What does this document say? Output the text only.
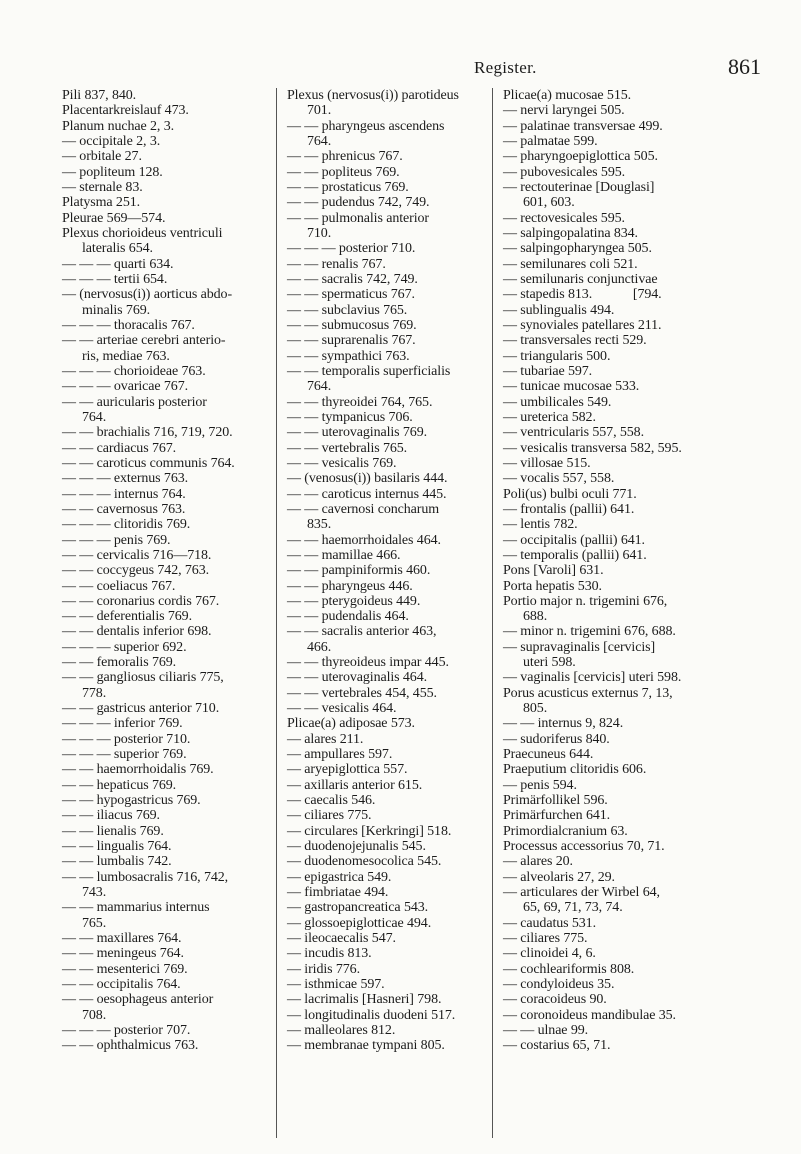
Register.	861
Pili 837, 840.
Placentarkreislauf 473.
Planum nuchae 2, 3.
— occipitale 2, 3.
— orbitale 27.
— popliteum 128.
— sternale 83.
Platysma 251.
Pleurae 569—574.
Plexus chorioideus ventriculi
lateralis 654.
— — — quarti 634.
— — — tertii 654.
— (nervosus(i)) aorticus abdo-
minalis 769.
— — — thoracalis 767.
— — arteriae cerebri anterio-
ris, mediae 763.
— — — chorioideae 763.
— — — ovaricae 767.
— — auricularis posterior
764.
— — brachialis 716, 719, 720.
— — cardiacus 767.
— — caroticus communis 764.
— — — externus 763.
— — — internus 764.
— — cavernosus 763.
— — — clitoridis 769.
— — — penis 769.
— — cervicalis 716—718.
— — coccygeus 742, 763.
— — coeliacus 767.
— — coronarius cordis 767.
— — deferentialis 769.
— — dentalis inferior 698.
— — — superior 692.
— — femoralis 769.
— — gangliosus ciliaris 775,
778.
— — gastricus anterior 710.
— — — inferior 769.
— — — posterior 710.
— — — superior 769.
— — haemorrhoidalis 769.
— — hepaticus 769.
— — hypogastricus 769.
— — iliacus 769.
— — lienalis 769.
— — lingualis 764.
— — lumbalis 742.
— — lumbosacralis 716, 742,
743.
— — mammarius internus
765.
— — maxillares 764.
— — meningeus 764.
— — mesenterici 769.
— — occipitalis 764.
— — oesophageus anterior
708.
— — — posterior 707.
— — ophthalmicus 763.
Plexus (nervosus(i)) parotideus
701.
— — pharyngeus ascendens
764.
— — phrenicus 767.
— — popliteus 769.
— — prostaticus 769.
— — pudendus 742, 749.
— — pulmonalis anterior
710.
— — — posterior 710.
— — renalis 767.
— — sacralis 742, 749.
— — spermaticus 767.
— — subclavius 765.
— — submucosus 769.
— — suprarenalis 767.
— — sympathici 763.
— — temporalis superficialis
764.
— — thyreoidei 764, 765.
— — tympanicus 706.
— — uterovaginalis 769.
— — vertebralis 765.
— — vesicalis 769.
— (venosus(i)) basilaris 444.
— — caroticus internus 445.
— — cavernosi concharum
835.
— — haemorrhoidales 464.
— — mamillae 466.
— — pampiniformis 460.
— — pharyngeus 446.
— — pterygoideus 449.
— — pudendalis 464.
— — sacralis anterior 463,
466.
— — thyreoideus impar 445.
— — uterovaginalis 464.
— — vertebrales 454, 455.
— — vesicalis 464.
Plicae(a) adiposae 573.
— alares 211.
— ampullares 597.
— aryepiglottica 557.
— axillaris anterior 615.
— caecalis 546.
— ciliares 775.
— circulares [Kerkringi] 518.
— duodenojejunalis 545.
— duodenomesocolica 545.
— epigastrica 549.
— fimbriatae 494.
— gastropancreatica 543.
— glossoepiglotticae 494.
— ileocaecalis 547.
— incudis 813.
— iridis 776.
— isthmicae 597.
— lacrimalis [Hasneri] 798.
— longitudinalis duodeni 517.
— malleolares 812.
— membranae tympani 805.
Plicae(a) mucosae 515.
— nervi laryngei 505.
— palatinae transversae 499.
— palmatae 599.
— pharyngoepiglottica 505.
— pubovesicales 595.
— rectouterinae [Douglasi]
601, 603.
— rectovesicales 595.
— salpingopalatina 834.
— salpingopharyngea 505.
— semilunares coli 521.
— semilunaris conjunctivae
— stapedis 813.            [794.
— sublingualis 494.
— synoviales patellares 211.
— transversales recti 529.
— triangularis 500.
— tubariae 597.
— tunicae mucosae 533.
— umbilicales 549.
— ureterica 582.
— ventricularis 557, 558.
— vesicalis transversa 582, 595.
— villosae 515.
— vocalis 557, 558.
Poli(us) bulbi oculi 771.
— frontalis (pallii) 641.
— lentis 782.
— occipitalis (pallii) 641.
— temporalis (pallii) 641.
Pons [Varoli] 631.
Porta hepatis 530.
Portio major n. trigemini 676,
688.
— minor n. trigemini 676, 688.
— supravaginalis [cervicis]
uteri 598.
— vaginalis [cervicis] uteri 598.
Porus acusticus externus 7, 13,
805.
— — internus 9, 824.
— sudoriferus 840.
Praecuneus 644.
Praeputium clitoridis 606.
— penis 594.
Primärfollikel 596.
Primärfurchen 641.
Primordialcranium 63.
Processus accessorius 70, 71.
— alares 20.
— alveolaris 27, 29.
— articulares der Wirbel 64,
65, 69, 71, 73, 74.
— caudatus 531.
— ciliares 775.
— clinoidei 4, 6.
— cochleariformis 808.
— condyloideus 35.
— coracoideus 90.
— coronoideus mandibulae 35.
— — ulnae 99.
— costarius 65, 71.
